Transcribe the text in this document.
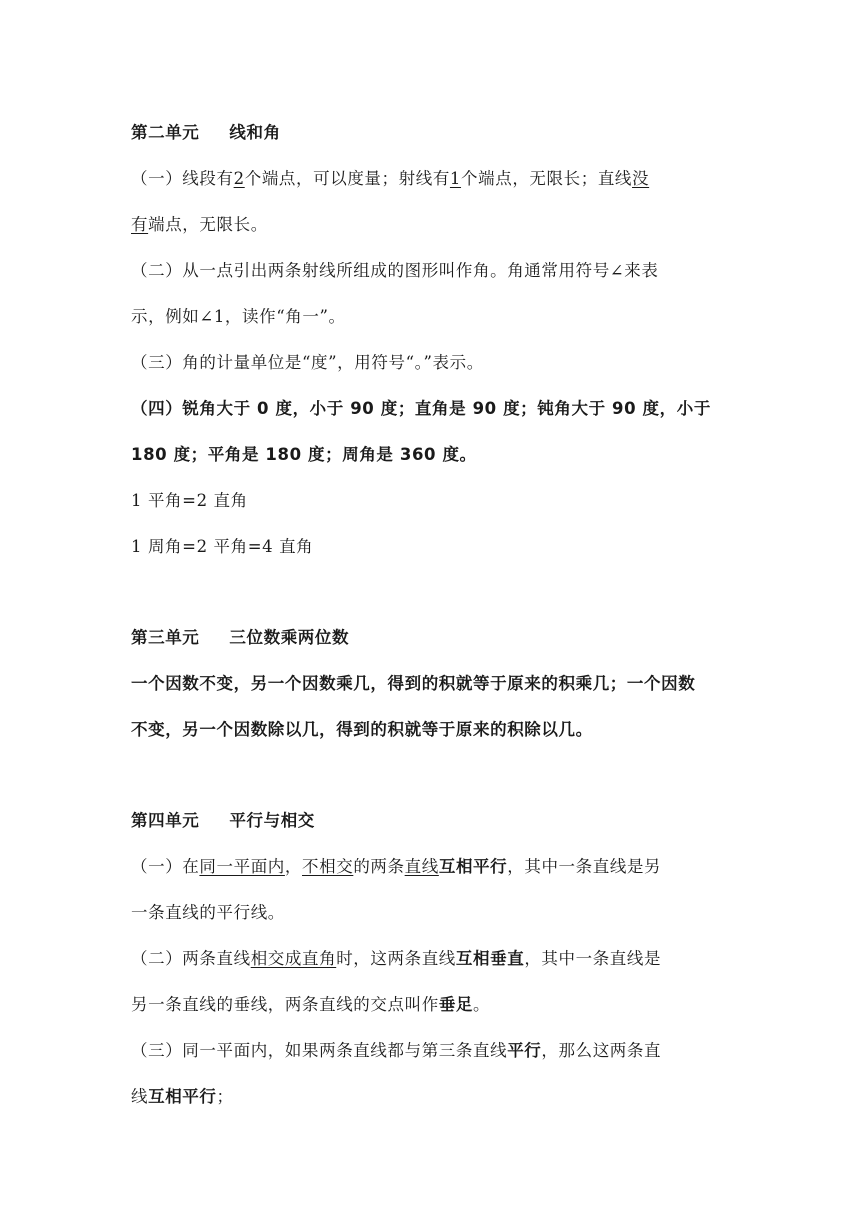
第二单元 线和角
（一）线段有2个端点，可以度量；射线有1个端点，无限长；直线没
有端点，无限长。
（二）从一点引出两条射线所组成的图形叫作角。角通常用符号∠来表
示，例如∠1，读作“角一”。
（三）角的计量单位是“度”，用符号“。”表示。
（四）锐角大于 0 度，小于 90 度；直角是 90 度；钝角大于 90 度，小于
180 度；平角是 180 度；周角是 360 度。
1 平角=2 直角
1 周角=2 平角=4 直角
第三单元 三位数乘两位数
一个因数不变，另一个因数乘几，得到的积就等于原来的积乘几；一个因数
不变，另一个因数除以几，得到的积就等于原来的积除以几。
第四单元 平行与相交
（一）在同一平面内，不相交的两条直线互相平行，其中一条直线是另
一条直线的平行线。
（二）两条直线相交成直角时，这两条直线互相垂直，其中一条直线是
另一条直线的垂线，两条直线的交点叫作垂足。
（三）同一平面内，如果两条直线都与第三条直线平行，那么这两条直
线互相平行；
